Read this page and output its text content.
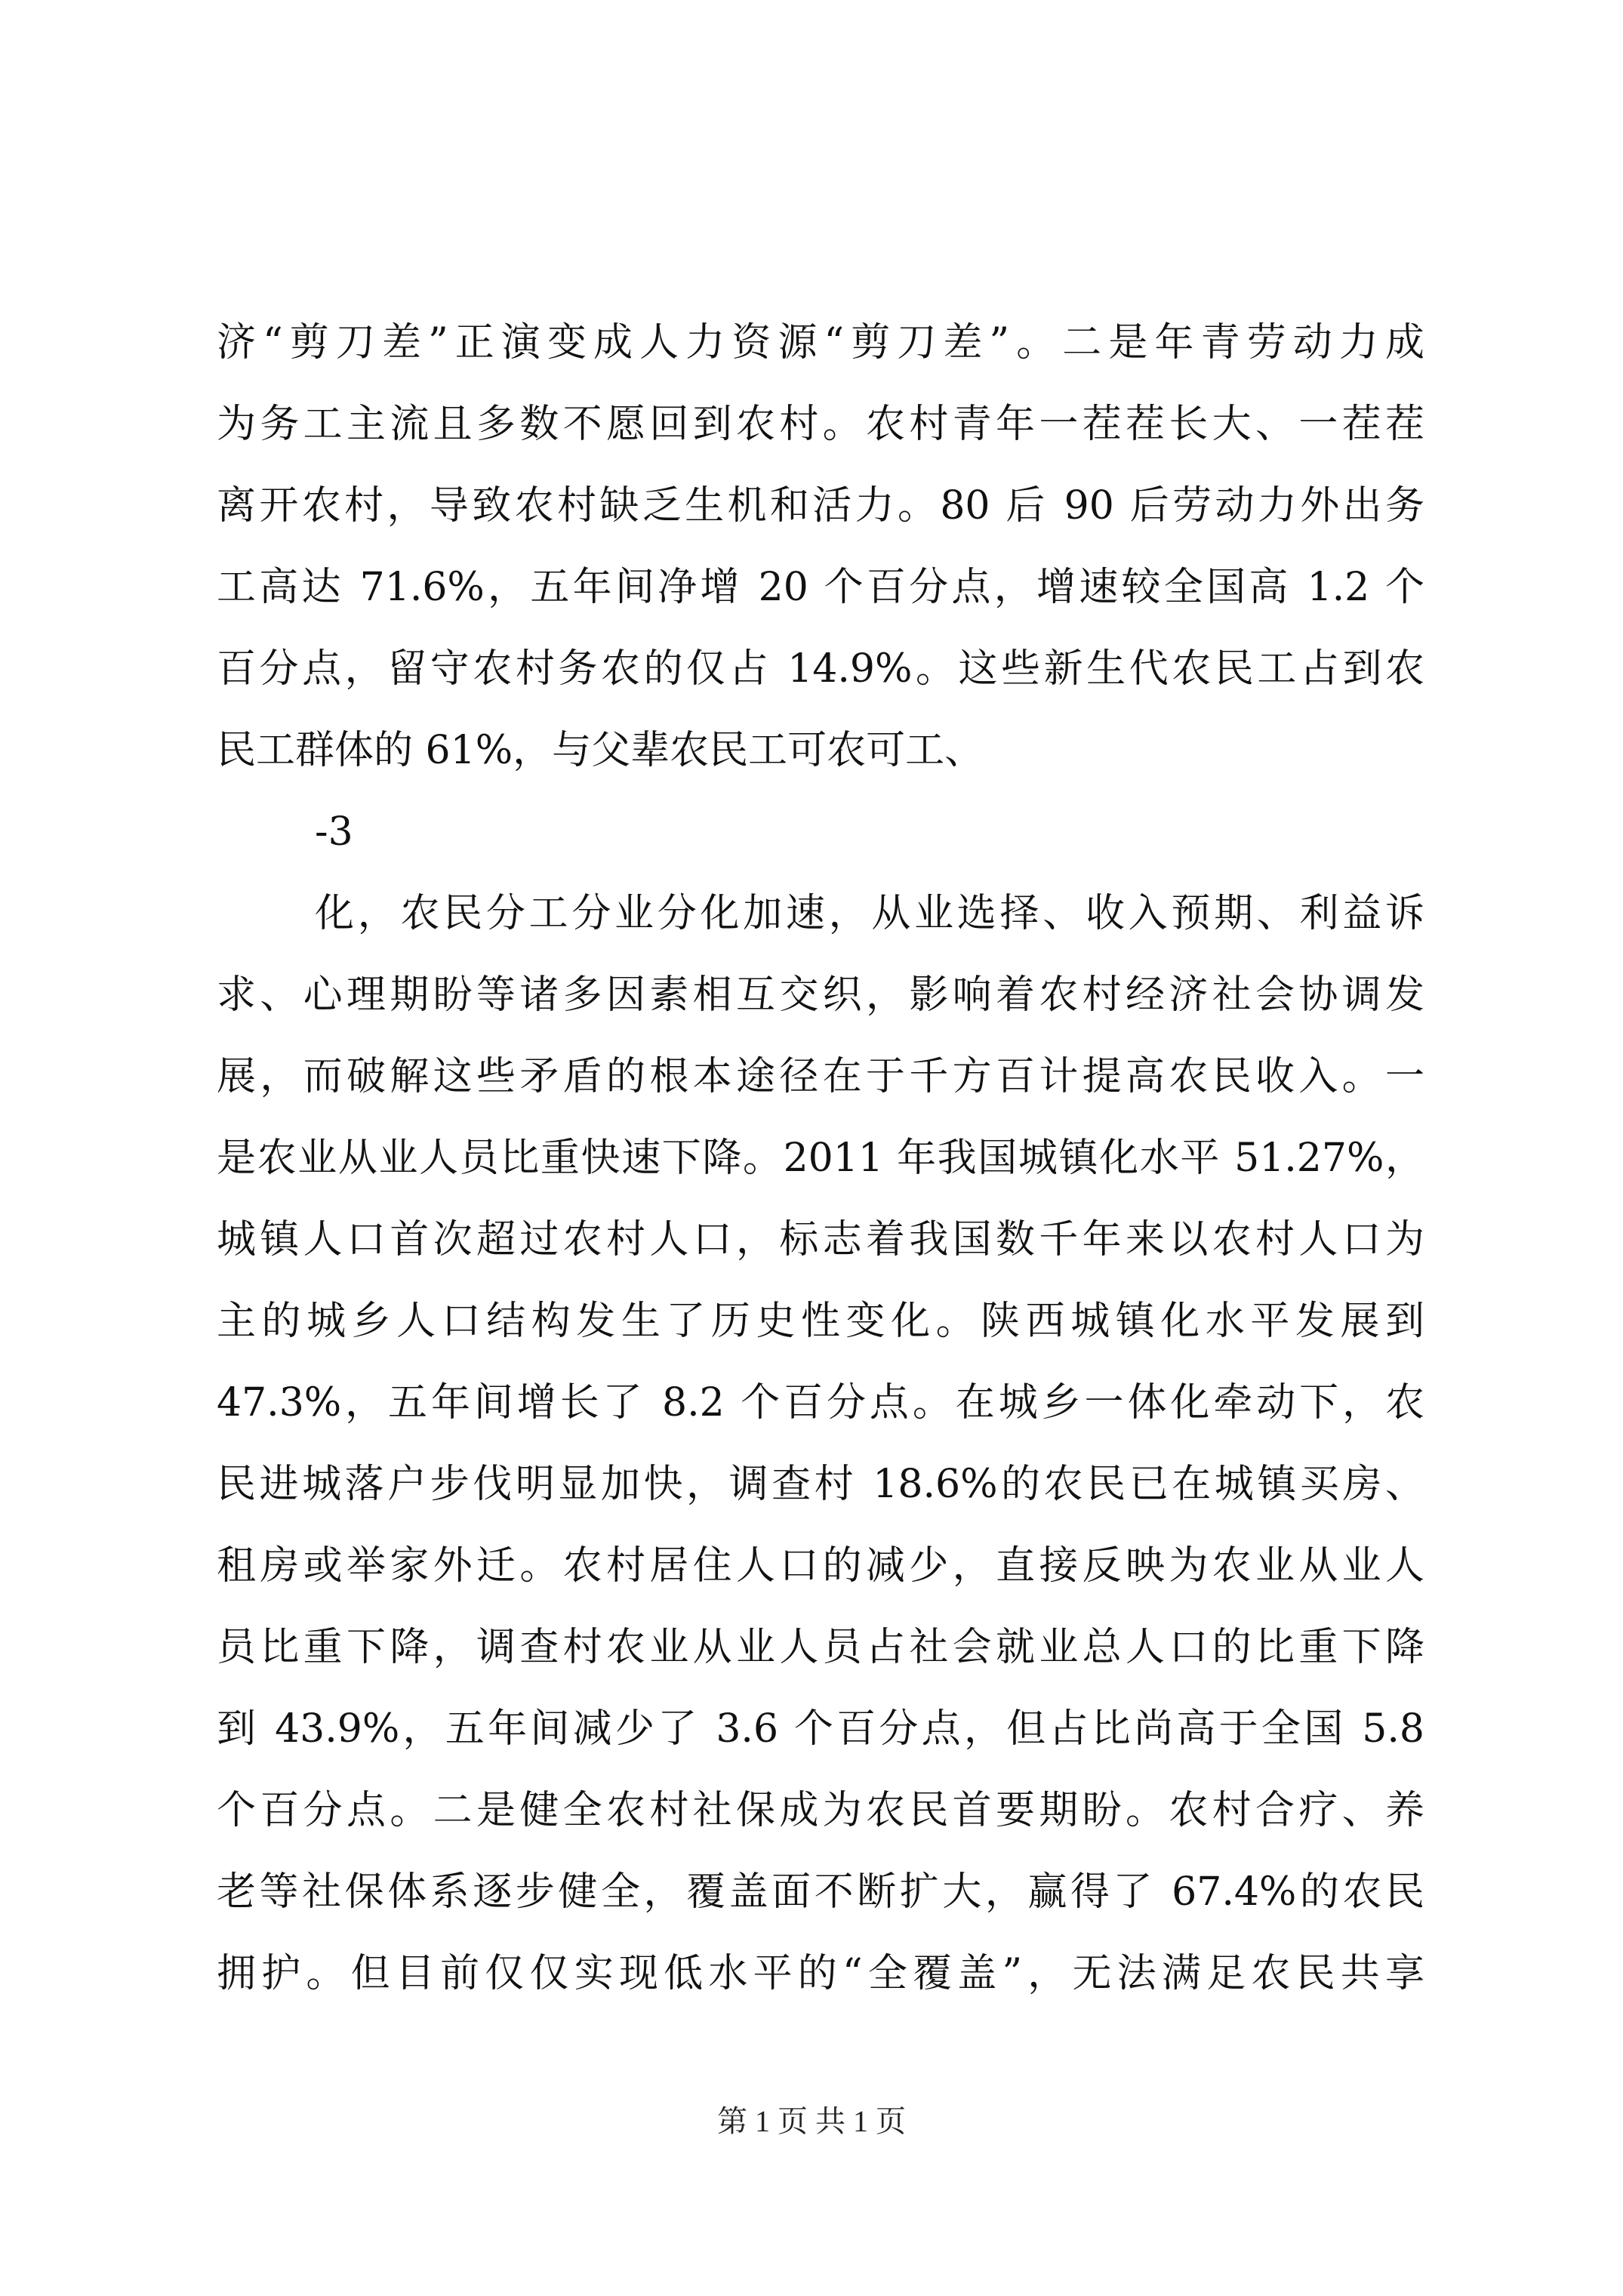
济“剪刀差”正演变成人力资源“剪刀差”。二是年青劳动力成
为务工主流且多数不愿回到农村。农村青年一茬茬长大、一茬茬
离开农村，导致农村缺乏生机和活力。80 后 90 后劳动力外出务
工高达 71.6%，五年间净增 20 个百分点，增速较全国高 1.2 个
百分点，留守农村务农的仅占 14.9%。这些新生代农民工占到农
民工群体的 61%，与父辈农民工可农可工、
-3
化，农民分工分业分化加速，从业选择、收入预期、利益诉
求、心理期盼等诸多因素相互交织，影响着农村经济社会协调发
展，而破解这些矛盾的根本途径在于千方百计提高农民收入。一
是农业从业人员比重快速下降。2011 年我国城镇化水平 51.27%，
城镇人口首次超过农村人口，标志着我国数千年来以农村人口为
主的城乡人口结构发生了历史性变化。陕西城镇化水平发展到
47.3%，五年间增长了 8.2 个百分点。在城乡一体化牵动下，农
民进城落户步伐明显加快，调查村 18.6%的农民已在城镇买房、
租房或举家外迁。农村居住人口的减少，直接反映为农业从业人
员比重下降，调查村农业从业人员占社会就业总人口的比重下降
到 43.9%，五年间减少了 3.6 个百分点，但占比尚高于全国 5.8
个百分点。二是健全农村社保成为农民首要期盼。农村合疗、养
老等社保体系逐步健全，覆盖面不断扩大，赢得了 67.4%的农民
拥护。但目前仅仅实现低水平的“全覆盖”，无法满足农民共享
第 1 页 共 1 页
